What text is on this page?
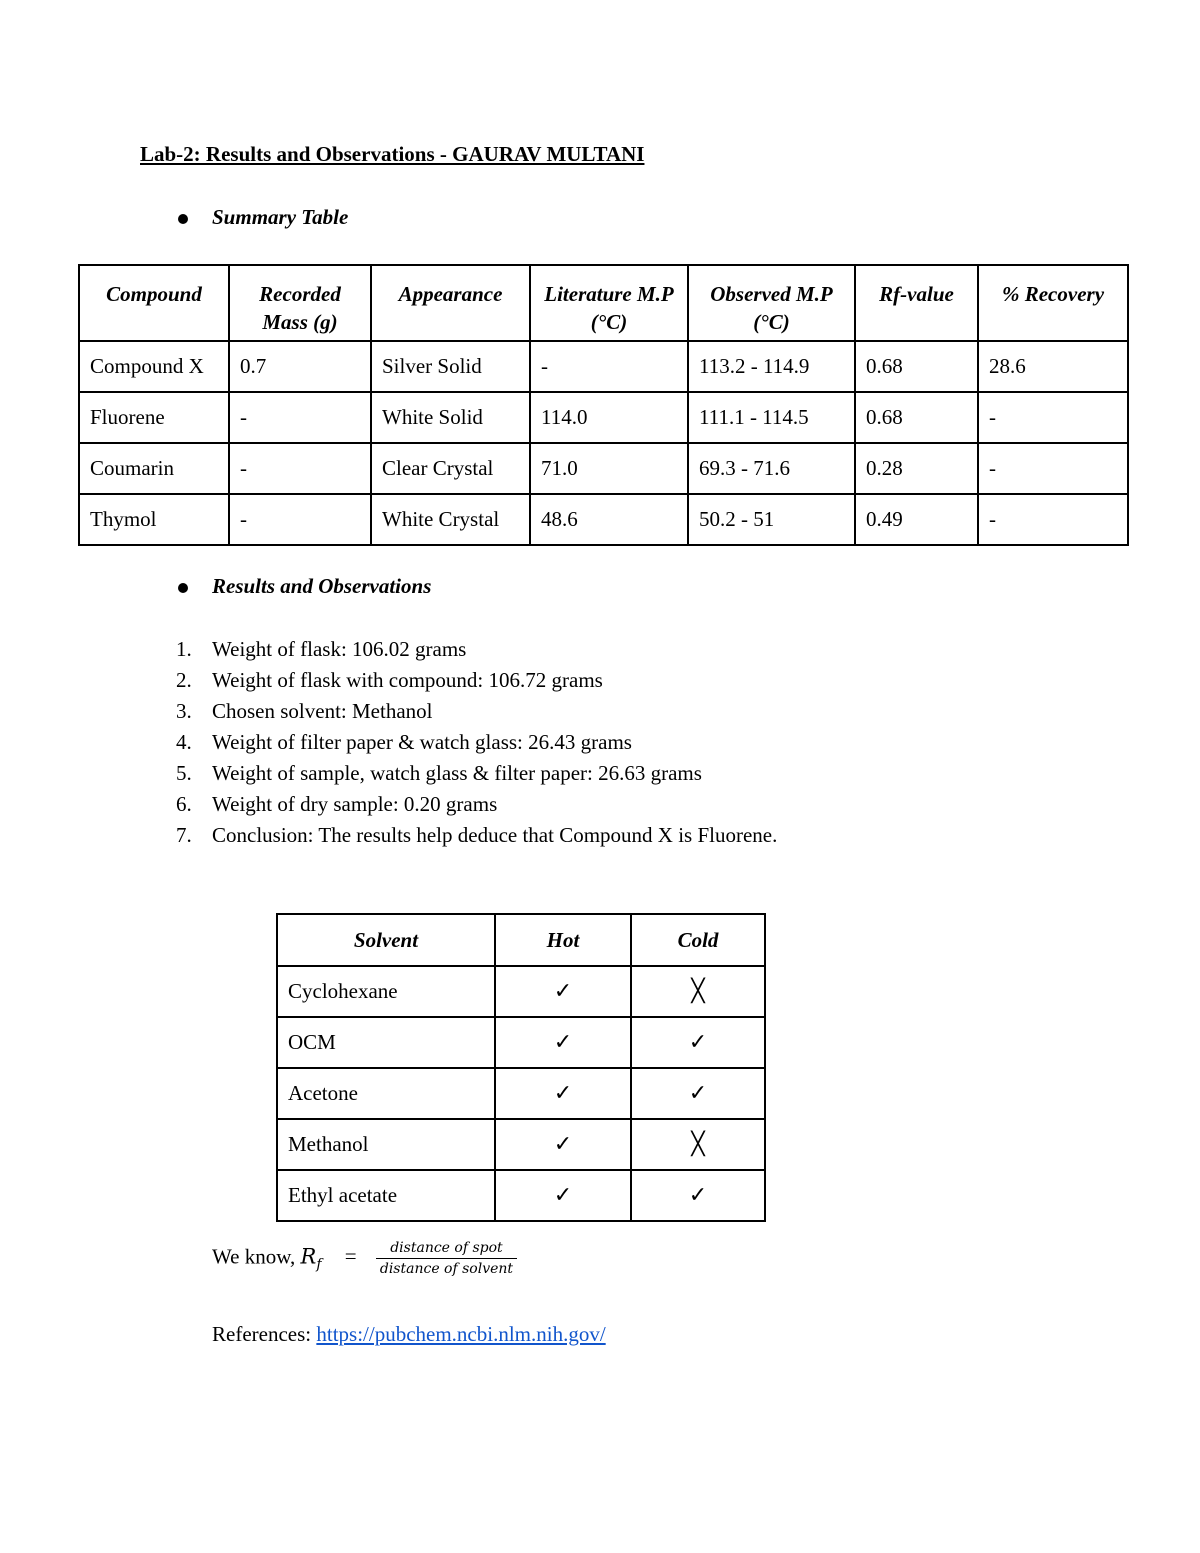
Lab-2: Results and Observations - GAURAV MULTANI
Summary Table
Compound	Recorded Mass (g)	Appearance	Literature M.P (°C)	Observed M.P (°C)	Rf-value	% Recovery
Compound X	0.7	Silver Solid	-	113.2 - 114.9	0.68	28.6
Fluorene	-	White Solid	114.0	111.1 - 114.5	0.68	-
Coumarin	-	Clear Crystal	71.0	69.3 - 71.6	0.28	-
Thymol	-	White Crystal	48.6	50.2 - 51	0.49	-
Results and Observations
1. Weight of flask: 106.02 grams
2. Weight of flask with compound: 106.72 grams
3. Chosen solvent: Methanol
4. Weight of filter paper & watch glass: 26.43 grams
5. Weight of sample, watch glass & filter paper: 26.63 grams
6. Weight of dry sample: 0.20 grams
7. Conclusion: The results help deduce that Compound X is Fluorene.
Solvent	Hot	Cold
Cyclohexane	✓	╳
OCM	✓	✓
Acetone	✓	✓
Methanol	✓	╳
Ethyl acetate	✓	✓
We know, $R_f = \frac{\text{distance of spot}}{\text{distance of solvent}}$
References: https://pubchem.ncbi.nlm.nih.gov/
